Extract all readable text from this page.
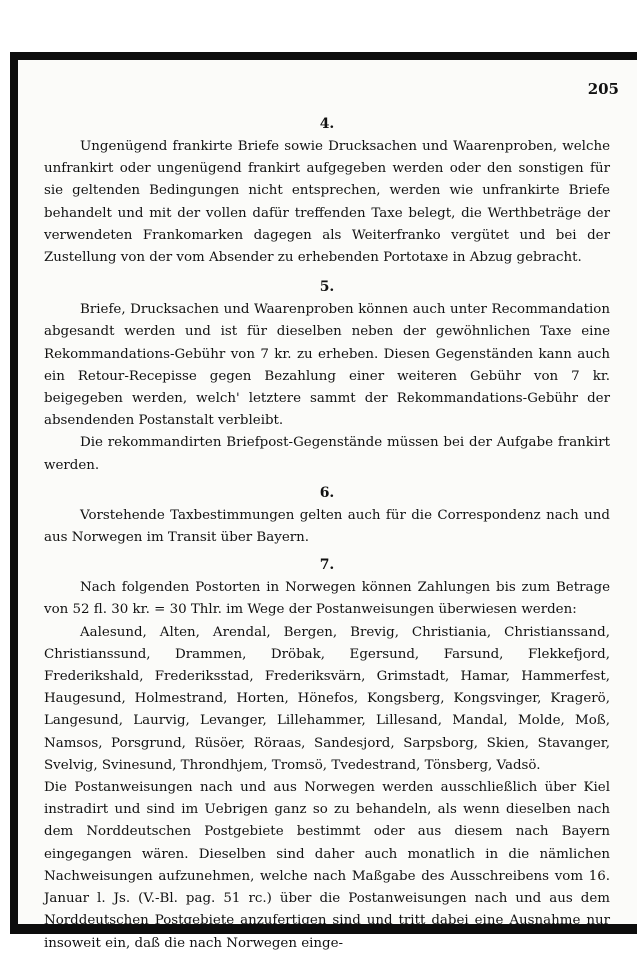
205

4.

Ungenügend frankirte Briefe sowie Drucksachen und Waarenproben, welche unfrankirt oder ungenügend frankirt aufgegeben werden oder den sonstigen für sie geltenden Bedingungen nicht entsprechen, werden wie unfrankirte Briefe behandelt und mit der vollen dafür treffenden Taxe belegt, die Werthbeträge der verwendeten Frankomarken dagegen als Weiterfranko vergütet und bei der Zustellung von der vom Absender zu erhebenden Portotaxe in Abzug gebracht.

5.

Briefe, Drucksachen und Waarenproben können auch unter Recommandation abgesandt werden und ist für dieselben neben der gewöhnlichen Taxe eine Rekommandations-Gebühr von 7 kr. zu erheben. Diesen Gegenständen kann auch ein Retour-Recepisse gegen Bezahlung einer weiteren Gebühr von 7 kr. beigegeben werden, welch' letztere sammt der Rekommandations-Gebühr der absendenden Postanstalt verbleibt.

Die rekommandirten Briefpost-Gegenstände müssen bei der Aufgabe frankirt werden.

6.

Vorstehende Taxbestimmungen gelten auch für die Correspondenz nach und aus Norwegen im Transit über Bayern.

7.

Nach folgenden Postorten in Norwegen können Zahlungen bis zum Betrage von 52 fl. 30 kr. = 30 Thlr. im Wege der Postanweisungen überwiesen werden:

Aalesund, Alten, Arendal, Bergen, Brevig, Christiania, Christianssand, Christianssund, Drammen, Dröbak, Egersund, Farsund, Flekkefjord, Frederikshald, Frederiksstad, Frederiksvärn, Grimstadt, Hamar, Hammerfest, Haugesund, Holmestrand, Horten, Hönefos, Kongsberg, Kongsvinger, Kragerö, Langesund, Laurvig, Levanger, Lillehammer, Lillesand, Mandal, Molde, Moß, Namsos, Porsgrund, Rüsöer, Röraas, Sandesjord, Sarpsborg, Skien, Stavanger, Svelvig, Svinesund, Throndhjem, Tromsö, Tvedestrand, Tönsberg, Vadsö.

Die Postanweisungen nach und aus Norwegen werden ausschließlich über Kiel instradirt und sind im Uebrigen ganz so zu behandeln, als wenn dieselben nach dem Norddeutschen Postgebiete bestimmt oder aus diesem nach Bayern eingegangen wären. Dieselben sind daher auch monatlich in die nämlichen Nachweisungen aufzunehmen, welche nach Maßgabe des Ausschreibens vom 16. Januar l. Js. (V.-Bl. pag. 51 rc.) über die Postanweisungen nach und aus dem Norddeutschen Postgebiete anzufertigen sind und tritt dabei eine Ausnahme nur insoweit ein, daß die nach Norwegen einge-
